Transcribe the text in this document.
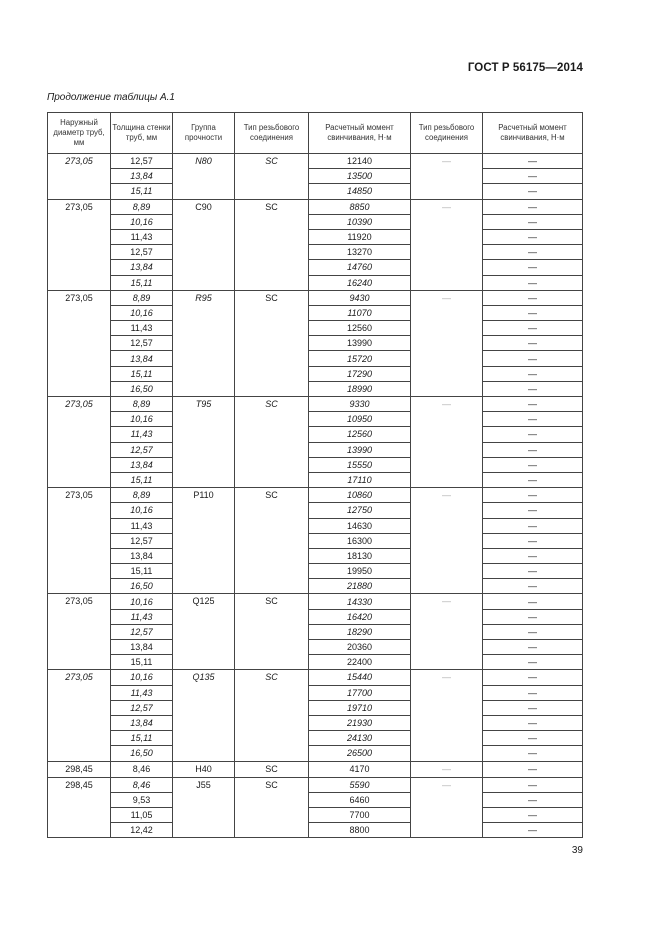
ГОСТ Р 56175—2014
Продолжение таблицы А.1
Наружный диаметр труб, мм	Толщина стенки труб, мм	Группа прочности	Тип резьбового соединения	Расчетный момент свинчивания, Н·м	Тип резьбового соединения	Расчетный момент свинчивания, Н·м
273,05	12,57	N80	SC	12140	—	—
	13,84			13500		—
	15,11			14850		—
273,05	8,89	C90	SC	8850	—	—
	10,16			10390		—
	11,43			11920		—
	12,57			13270		—
	13,84			14760		—
	15,11			16240		—
273,05	8,89	R95	SC	9430	—	—
	10,16			11070		—
	11,43			12560		—
	12,57			13990		—
	13,84			15720		—
	15,11			17290		—
	16,50			18990		—
273,05	8,89	T95	SC	9330	—	—
	10,16			10950		—
	11,43			12560		—
	12,57			13990		—
	13,84			15550		—
	15,11			17110		—
273,05	8,89	P110	SC	10860	—	—
	10,16			12750		—
	11,43			14630		—
	12,57			16300		—
	13,84			18130		—
	15,11			19950		—
	16,50			21880		—
273,05	10,16	Q125	SC	14330	—	—
	11,43			16420		—
	12,57			18290		—
	13,84			20360		—
	15,11			22400		—
273,05	10,16	Q135	SC	15440	—	—
	11,43			17700		—
	12,57			19710		—
	13,84			21930		—
	15,11			24130		—
	16,50			26500		—
298,45	8,46	H40	SC	4170	—	—
298,45	8,46	J55	SC	5590	—	—
	9,53			6460		—
	11,05			7700		—
	12,42			8800		—
39
